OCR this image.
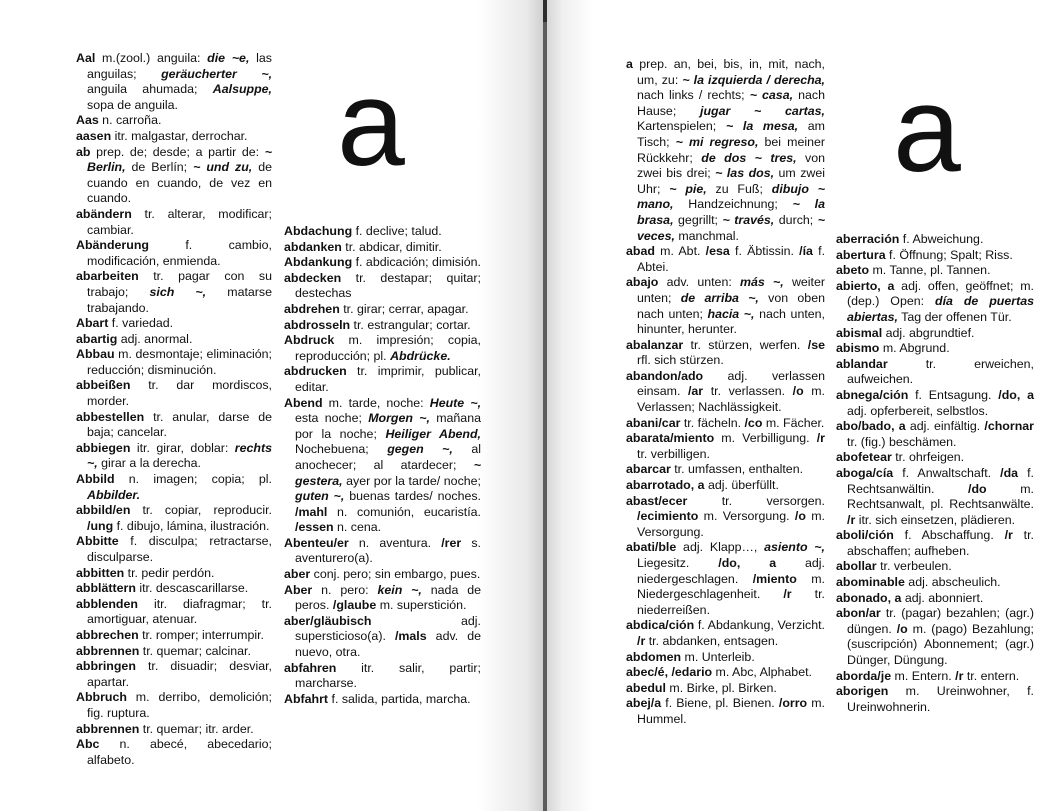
a

Aal m.(zool.) anguila: die ~e, las anguilas; geräucherter ~, anguila ahumada; Aalsuppe, sopa de anguila.

Aas n. carroña.

aasen itr. malgastar, derrochar.

ab prep. de; desde; a partir de: ~ Berlin, de Berlín; ~ und zu, de cuando en cuando, de vez en cuando.

abändern tr. alterar, modificar; cambiar.

Abänderung f. cambio, modificación, enmienda.

abarbeiten tr. pagar con su trabajo; sich ~, matarse trabajando.

Abart f. variedad.

abartig adj. anormal.

Abbau m. desmontaje; eliminación; reducción; disminución.

abbeißen tr. dar mordiscos, morder.

abbestellen tr. anular, darse de baja; cancelar.

abbiegen itr. girar, doblar: rechts ~, girar a la derecha.

Abbild n. imagen; copia; pl. Abbilder.

abbild/en tr. copiar, reproducir. /ung f. dibujo, lámina, ilustración.

Abbitte f. disculpa; retractarse, disculparse.

abbitten tr. pedir perdón.

abblättern itr. descascarillarse.

abblenden itr. diafragmar; tr. amortiguar, atenuar.

abbrechen tr. romper; interrumpir.

abbrennen tr. quemar; calcinar.

abbringen tr. disuadir; desviar, apartar.

Abbruch m. derribo, demolición; fig. ruptura.

abbrennen tr. quemar; itr. arder.

Abc n. abecé, abecedario; alfabeto.

Abdachung f. declive; talud.

abdanken tr. abdicar, dimitir.

Abdankung f. abdicación; dimisión.

abdecken tr. destapar; quitar; destechas

abdrehen tr. girar; cerrar, apagar.

abdrosseln tr. estrangular; cortar.

Abdruck m. impresión; copia, reproducción; pl. Abdrücke.

abdrucken tr. imprimir, publicar, editar.

Abend m. tarde, noche: Heute ~, esta noche; Morgen ~, mañana por la noche; Heiliger Abend, Nochebuena; gegen ~, al anochecer; al atardecer; ~ gestera, ayer por la tarde/ noche; guten ~, buenas tardes/ noches. /mahl n. comunión, eucaristía. /essen n. cena.

Abenteu/er n. aventura. /rer s. aventurero(a).

aber conj. pero; sin embargo, pues.

Aber n. pero: kein ~, nada de peros. /glaube m. superstición.

aber/gläubisch adj. supersticioso(a). /mals adv. de nuevo, otra.

abfahren itr. salir, partir; marcharse.

Abfahrt f. salida, partida, marcha.

a

a prep. an, bei, bis, in, mit, nach, um, zu: ~ la izquierda / derecha, nach links / rechts; ~ casa, nach Hause; jugar ~ cartas, Kartenspielen; ~ la mesa, am Tisch; ~ mi regreso, bei meiner Rückkehr; de dos ~ tres, von zwei bis drei; ~ las dos, um zwei Uhr; ~ pie, zu Fuß; dibujo ~ mano, Handzeichnung; ~ la brasa, gegrillt; ~ través, durch; ~ veces, manchmal.

abad m. Abt. /esa f. Äbtissin. /ía f. Abtei.

abajo adv. unten: más ~, weiter unten; de arriba ~, von oben nach unten; hacia ~, nach unten, hinunter, herunter.

abalanzar tr. stürzen, werfen. /se rfl. sich stürzen.

abandon/ado adj. verlassen einsam. /ar tr. verlassen. /o m. Verlassen; Nachlässigkeit.

abani/car tr. fächeln. /co m. Fächer.

abarata/miento m. Verbilligung. /r tr. verbilligen.

abarcar tr. umfassen, enthalten.

abarrotado, a adj. überfüllt.

abast/ecer tr. versorgen. /ecimiento m. Versorgung. /o m. Versorgung.

abati/ble adj. Klapp…, asiento ~, Liegesitz. /do, a adj. niedergeschlagen. /miento m. Niedergeschlagenheit. /r tr. niederreißen.

abdica/ción f. Abdankung, Verzicht. /r tr. abdanken, entsagen.

abdomen m. Unterleib.

abec/é, /edario m. Abc, Alphabet.

abedul m. Birke, pl. Birken.

abej/a f. Biene, pl. Bienen. /orro m. Hummel.

aberración f. Abweichung.

abertura f. Öffnung; Spalt; Riss.

abeto m. Tanne, pl. Tannen.

abierto, a adj. offen, geöffnet; m. (dep.) Open: día de puertas abiertas, Tag der offenen Tür.

abismal adj. abgrundtief.

abismo m. Abgrund.

ablandar tr. erweichen, aufweichen.

abnega/ción f. Entsagung. /do, a adj. opferbereit, selbstlos.

abo/bado, a adj. einfältig. /chornar tr. (fig.) beschämen.

abofetear tr. ohrfeigen.

aboga/cía f. Anwaltschaft. /da f. Rechtsanwältin. /do m. Rechtsanwalt, pl. Rechtsanwälte. /r itr. sich einsetzen, plädieren.

aboli/ción f. Abschaffung. /r tr. abschaffen; aufheben.

abollar tr. verbeulen.

abominable adj. abscheulich.

abonado, a adj. abonniert.

abon/ar tr. (pagar) bezahlen; (agr.) düngen. /o m. (pago) Bezahlung; (suscripción) Abonnement; (agr.) Dünger, Düngung.

aborda/je m. Entern. /r tr. entern.

aborigen m. Ureinwohner, f. Ureinwohnerin.
